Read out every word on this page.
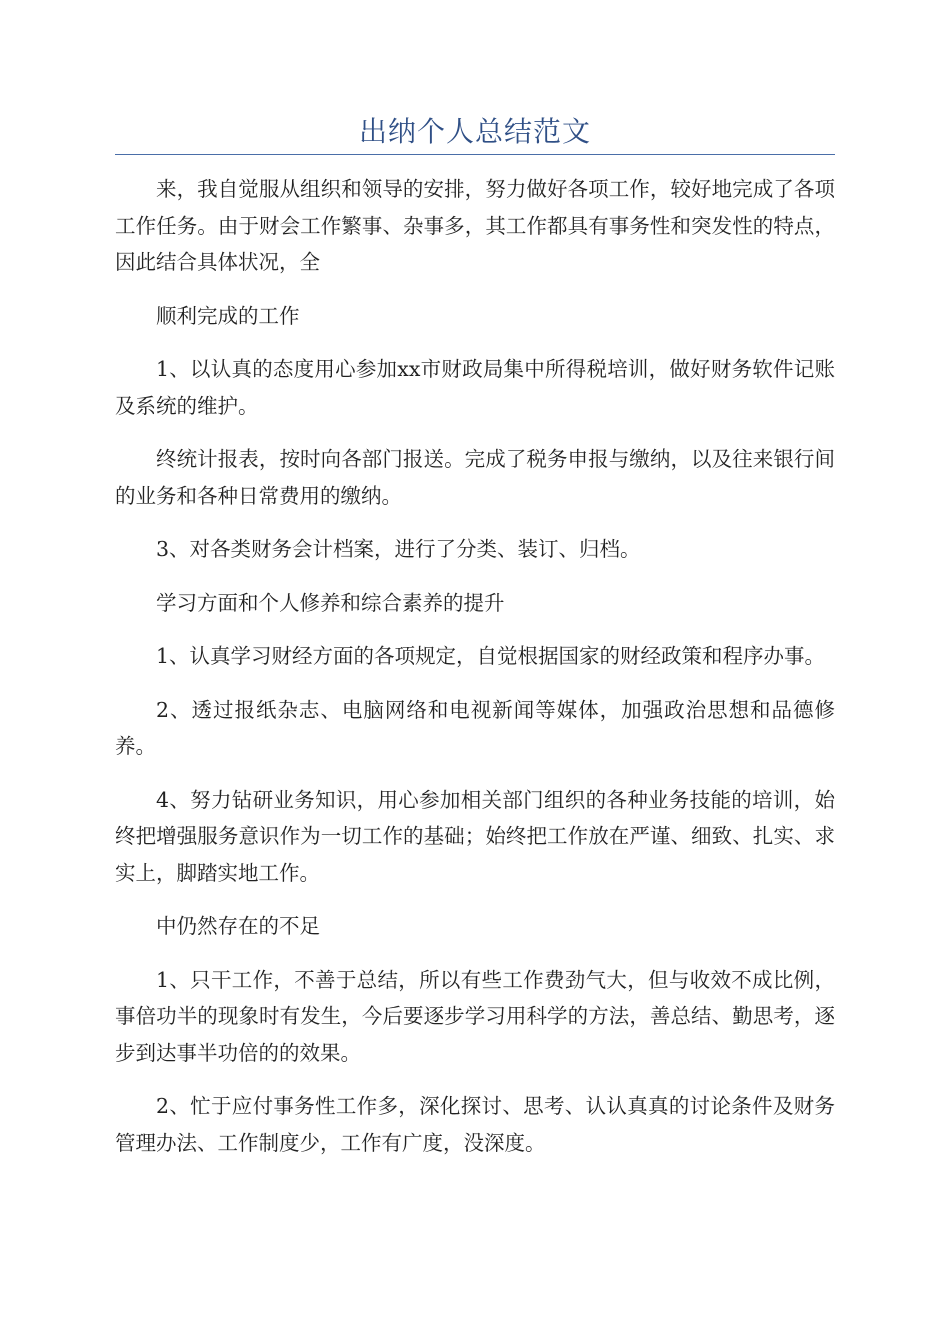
出纳个人总结范文

来，我自觉服从组织和领导的安排，努力做好各项工作，较好地完成了各项工作任务。由于财会工作繁事、杂事多，其工作都具有事务性和突发性的特点，因此结合具体状况，全

顺利完成的工作

1、以认真的态度用心参加xx市财政局集中所得税培训，做好财务软件记账及系统的维护。

终统计报表，按时向各部门报送。完成了税务申报与缴纳，以及往来银行间的业务和各种日常费用的缴纳。

3、对各类财务会计档案，进行了分类、装订、归档。

学习方面和个人修养和综合素养的提升

1、认真学习财经方面的各项规定，自觉根据国家的财经政策和程序办事。

2、透过报纸杂志、电脑网络和电视新闻等媒体，加强政治思想和品德修养。

4、努力钻研业务知识，用心参加相关部门组织的各种业务技能的培训，始终把增强服务意识作为一切工作的基础；始终把工作放在严谨、细致、扎实、求实上，脚踏实地工作。

中仍然存在的不足

1、只干工作，不善于总结，所以有些工作费劲气大，但与收效不成比例，事倍功半的现象时有发生，今后要逐步学习用科学的方法，善总结、勤思考，逐步到达事半功倍的的效果。

2、忙于应付事务性工作多，深化探讨、思考、认认真真的讨论条件及财务管理办法、工作制度少，工作有广度，没深度。
